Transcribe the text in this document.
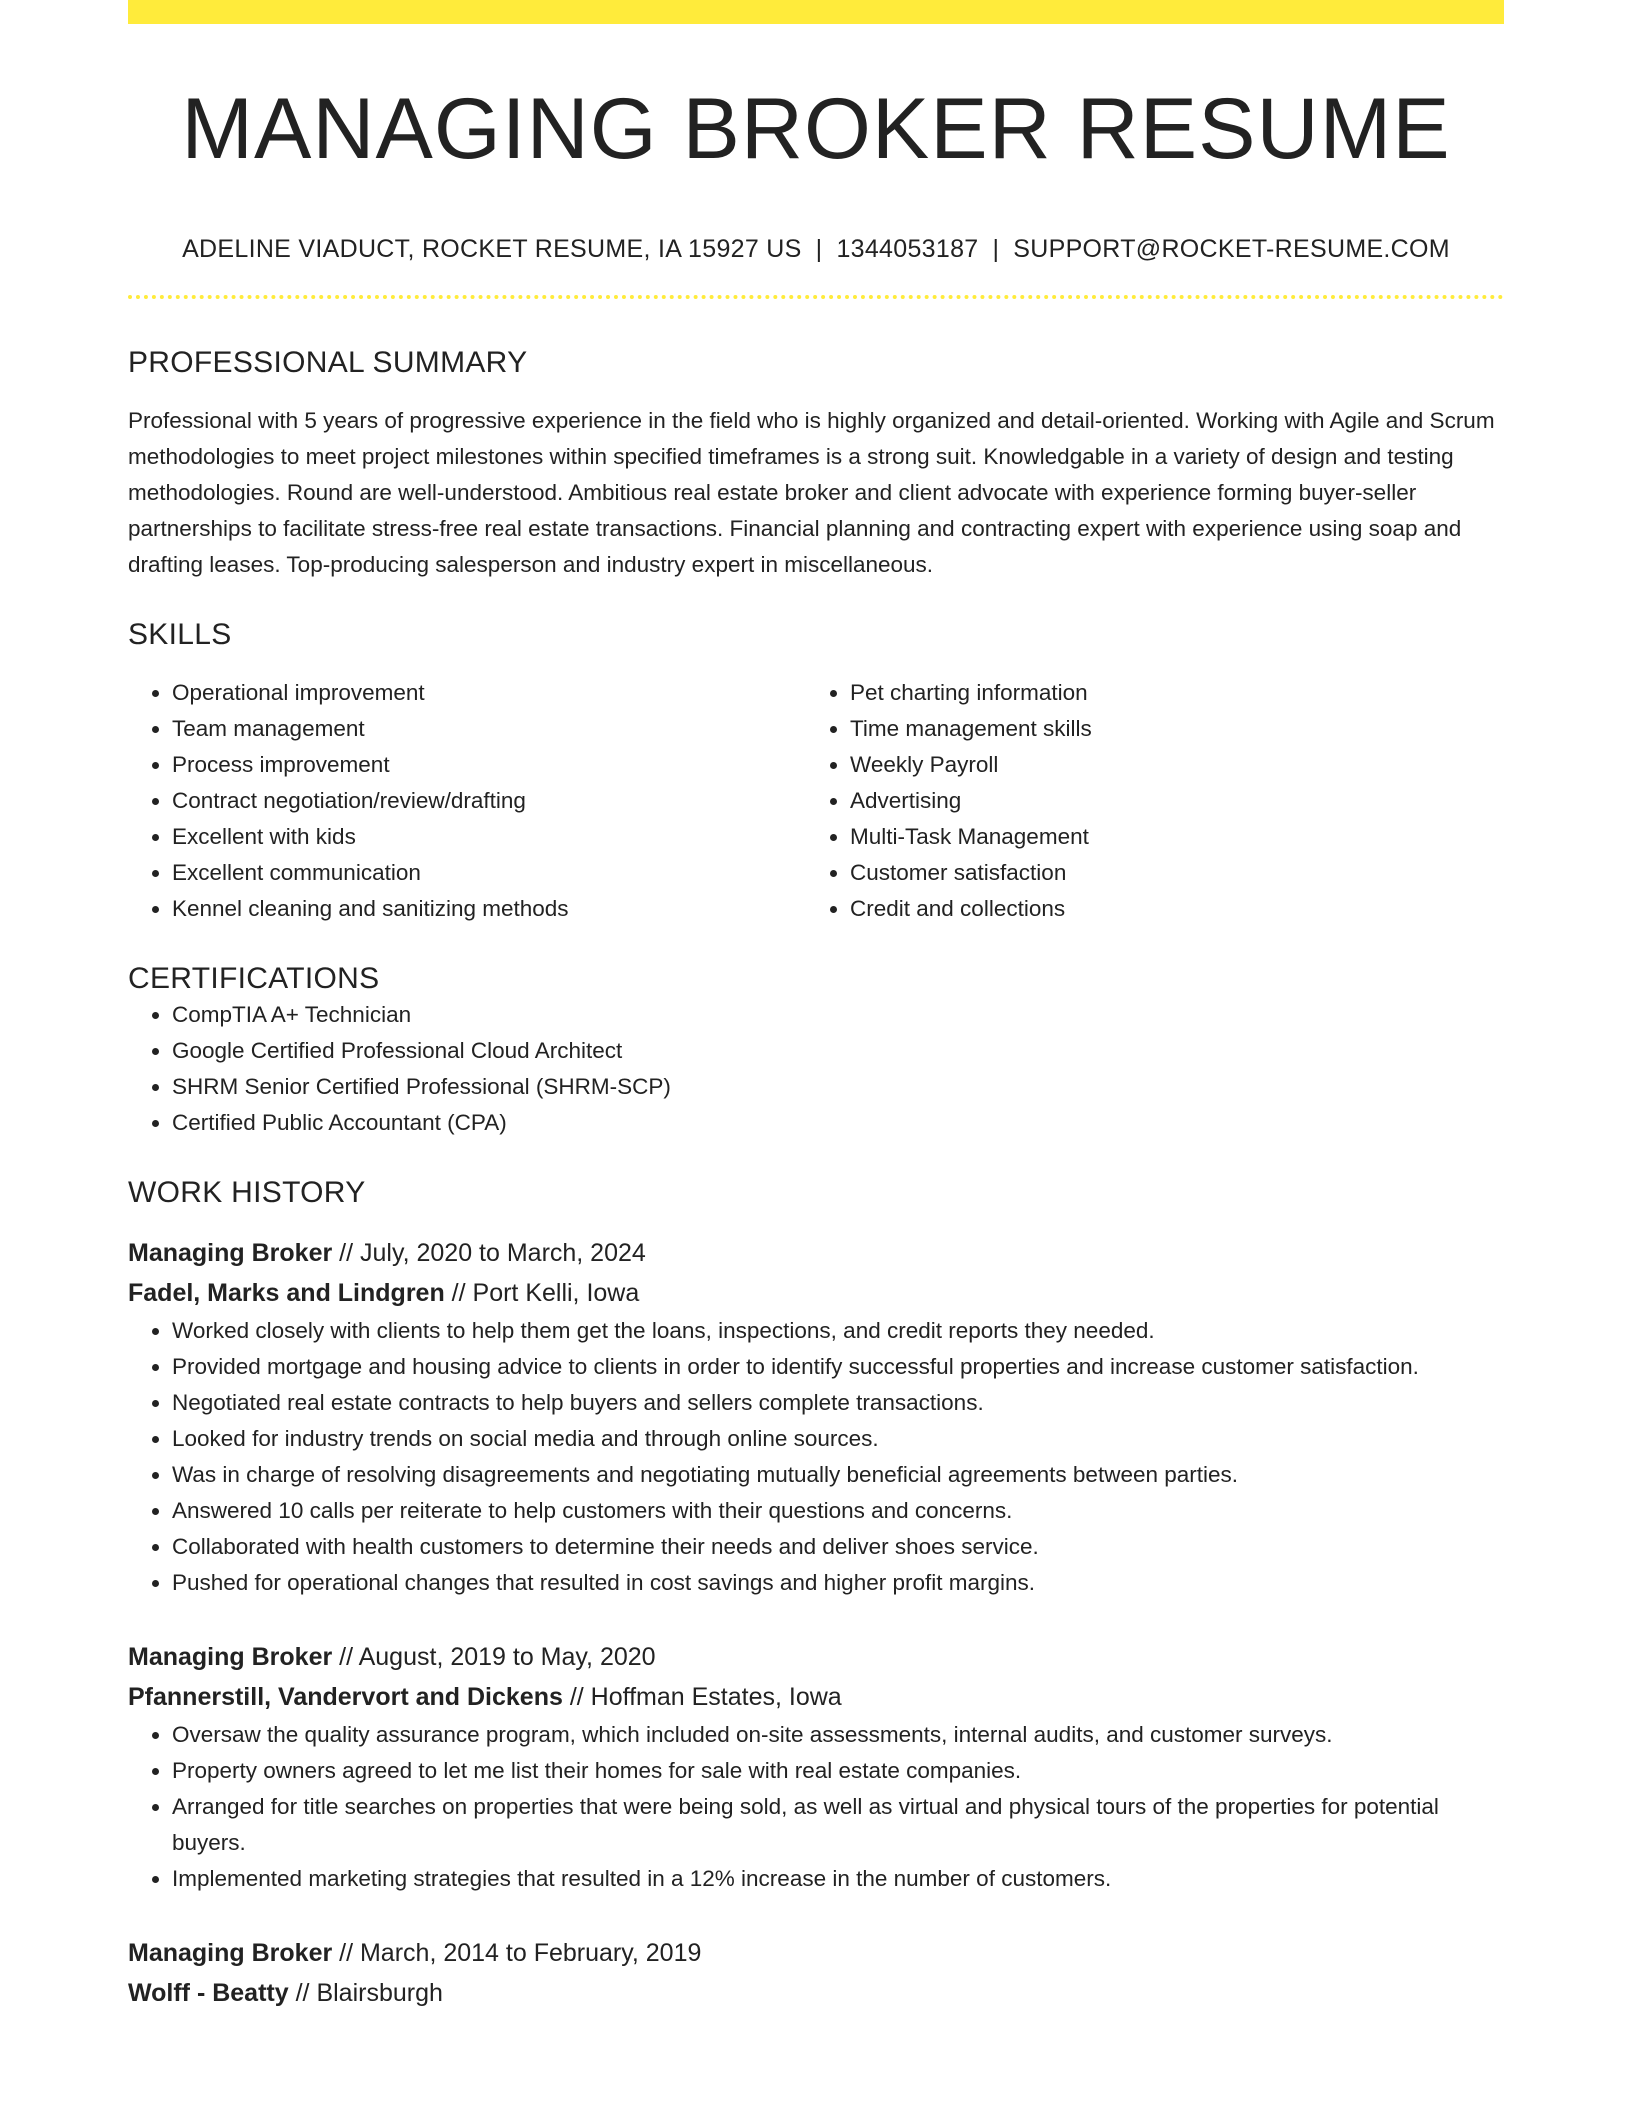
MANAGING BROKER RESUME
ADELINE VIADUCT, ROCKET RESUME, IA 15927 US | 1344053187 | SUPPORT@ROCKET-RESUME.COM
PROFESSIONAL SUMMARY

Professional with 5 years of progressive experience in the field who is highly organized and detail-oriented. Working with Agile and Scrum methodologies to meet project milestones within specified timeframes is a strong suit. Knowledgable in a variety of design and testing methodologies. Round are well-understood. Ambitious real estate broker and client advocate with experience forming buyer-seller partnerships to facilitate stress-free real estate transactions. Financial planning and contracting expert with experience using soap and drafting leases. Top-producing salesperson and industry expert in miscellaneous.

SKILLS
• Operational improvement
• Team management
• Process improvement
• Contract negotiation/review/drafting
• Excellent with kids
• Excellent communication
• Kennel cleaning and sanitizing methods
• Pet charting information
• Time management skills
• Weekly Payroll
• Advertising
• Multi-Task Management
• Customer satisfaction
• Credit and collections
CERTIFICATIONS
• CompTIA A+ Technician
• Google Certified Professional Cloud Architect
• SHRM Senior Certified Professional (SHRM-SCP)
• Certified Public Accountant (CPA)
WORK HISTORY
Managing Broker // July, 2020 to March, 2024
Fadel, Marks and Lindgren // Port Kelli, Iowa
• Worked closely with clients to help them get the loans, inspections, and credit reports they needed.
• Provided mortgage and housing advice to clients in order to identify successful properties and increase customer satisfaction.
• Negotiated real estate contracts to help buyers and sellers complete transactions.
• Looked for industry trends on social media and through online sources.
• Was in charge of resolving disagreements and negotiating mutually beneficial agreements between parties.
• Answered 10 calls per reiterate to help customers with their questions and concerns.
• Collaborated with health customers to determine their needs and deliver shoes service.
• Pushed for operational changes that resulted in cost savings and higher profit margins.
Managing Broker // August, 2019 to May, 2020
Pfannerstill, Vandervort and Dickens // Hoffman Estates, Iowa
• Oversaw the quality assurance program, which included on-site assessments, internal audits, and customer surveys.
• Property owners agreed to let me list their homes for sale with real estate companies.
• Arranged for title searches on properties that were being sold, as well as virtual and physical tours of the properties for potential buyers.
• Implemented marketing strategies that resulted in a 12% increase in the number of customers.
Managing Broker // March, 2014 to February, 2019
Wolff - Beatty // Blairsburgh
